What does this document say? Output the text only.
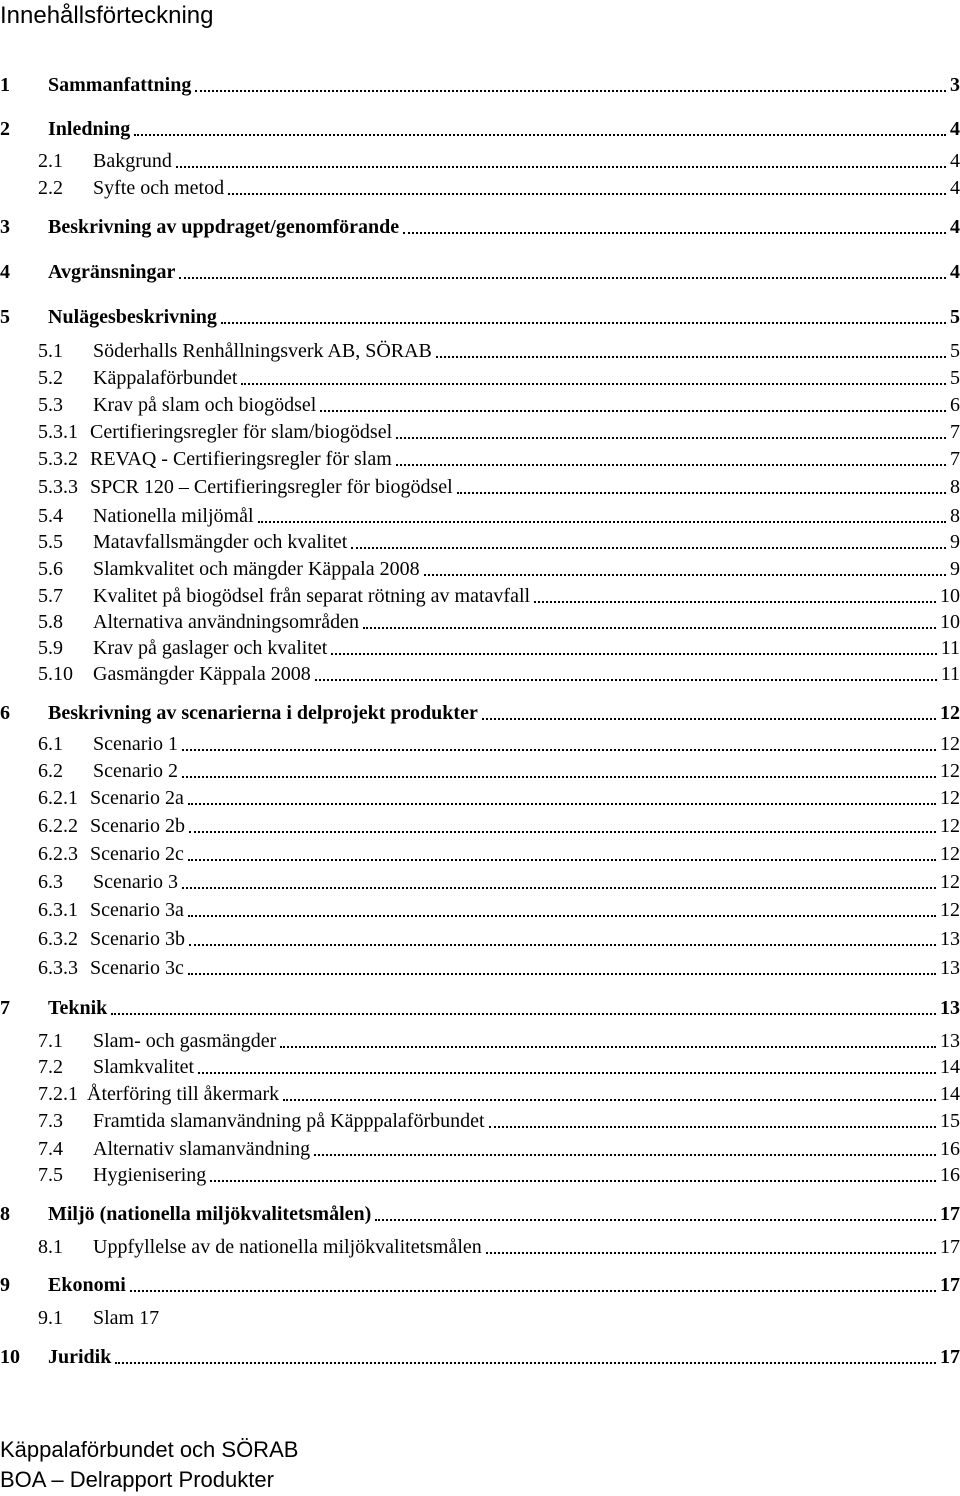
Innehållsförteckning
1 Sammanfattning	3
2 Inledning	4
2.1 Bakgrund	4
2.2 Syfte och metod	4
3 Beskrivning av uppdraget/genomförande	4
4 Avgränsningar	4
5 Nulägesbeskrivning	5
5.1 Söderhalls Renhållningsverk AB, SÖRAB	5
5.2 Käppalaförbundet	5
5.3 Krav på slam och biogödsel	6
5.3.1 Certifieringsregler för slam/biogödsel	7
5.3.2 REVAQ - Certifieringsregler för slam	7
5.3.3 SPCR 120 – Certifieringsregler för biogödsel	8
5.4 Nationella miljömål	8
5.5 Matavfallsmängder och kvalitet	9
5.6 Slamkvalitet och mängder Käppala 2008	9
5.7 Kvalitet på biogödsel från separat rötning av matavfall	10
5.8 Alternativa användningsområden	10
5.9 Krav på gaslager och kvalitet	11
5.10 Gasmängder Käppala 2008	11
6 Beskrivning av scenarierna i delprojekt produkter	12
6.1 Scenario 1	12
6.2 Scenario 2	12
6.2.1 Scenario 2a	12
6.2.2 Scenario 2b	12
6.2.3 Scenario 2c	12
6.3 Scenario 3	12
6.3.1 Scenario 3a	12
6.3.2 Scenario 3b	13
6.3.3 Scenario 3c	13
7 Teknik	13
7.1 Slam- och gasmängder	13
7.2 Slamkvalitet	14
7.2.1 Återföring till åkermark	14
7.3 Framtida slamanvändning på Käpppalaförbundet	15
7.4 Alternativ slamanvändning	16
7.5 Hygienisering	16
8 Miljö (nationella miljökvalitetsmålen)	17
8.1 Uppfyllelse av de nationella miljökvalitetsmålen	17
9 Ekonomi	17
9.1 Slam 17
10 Juridik	17
Käppalaförbundet och SÖRAB
BOA – Delrapport Produkter
